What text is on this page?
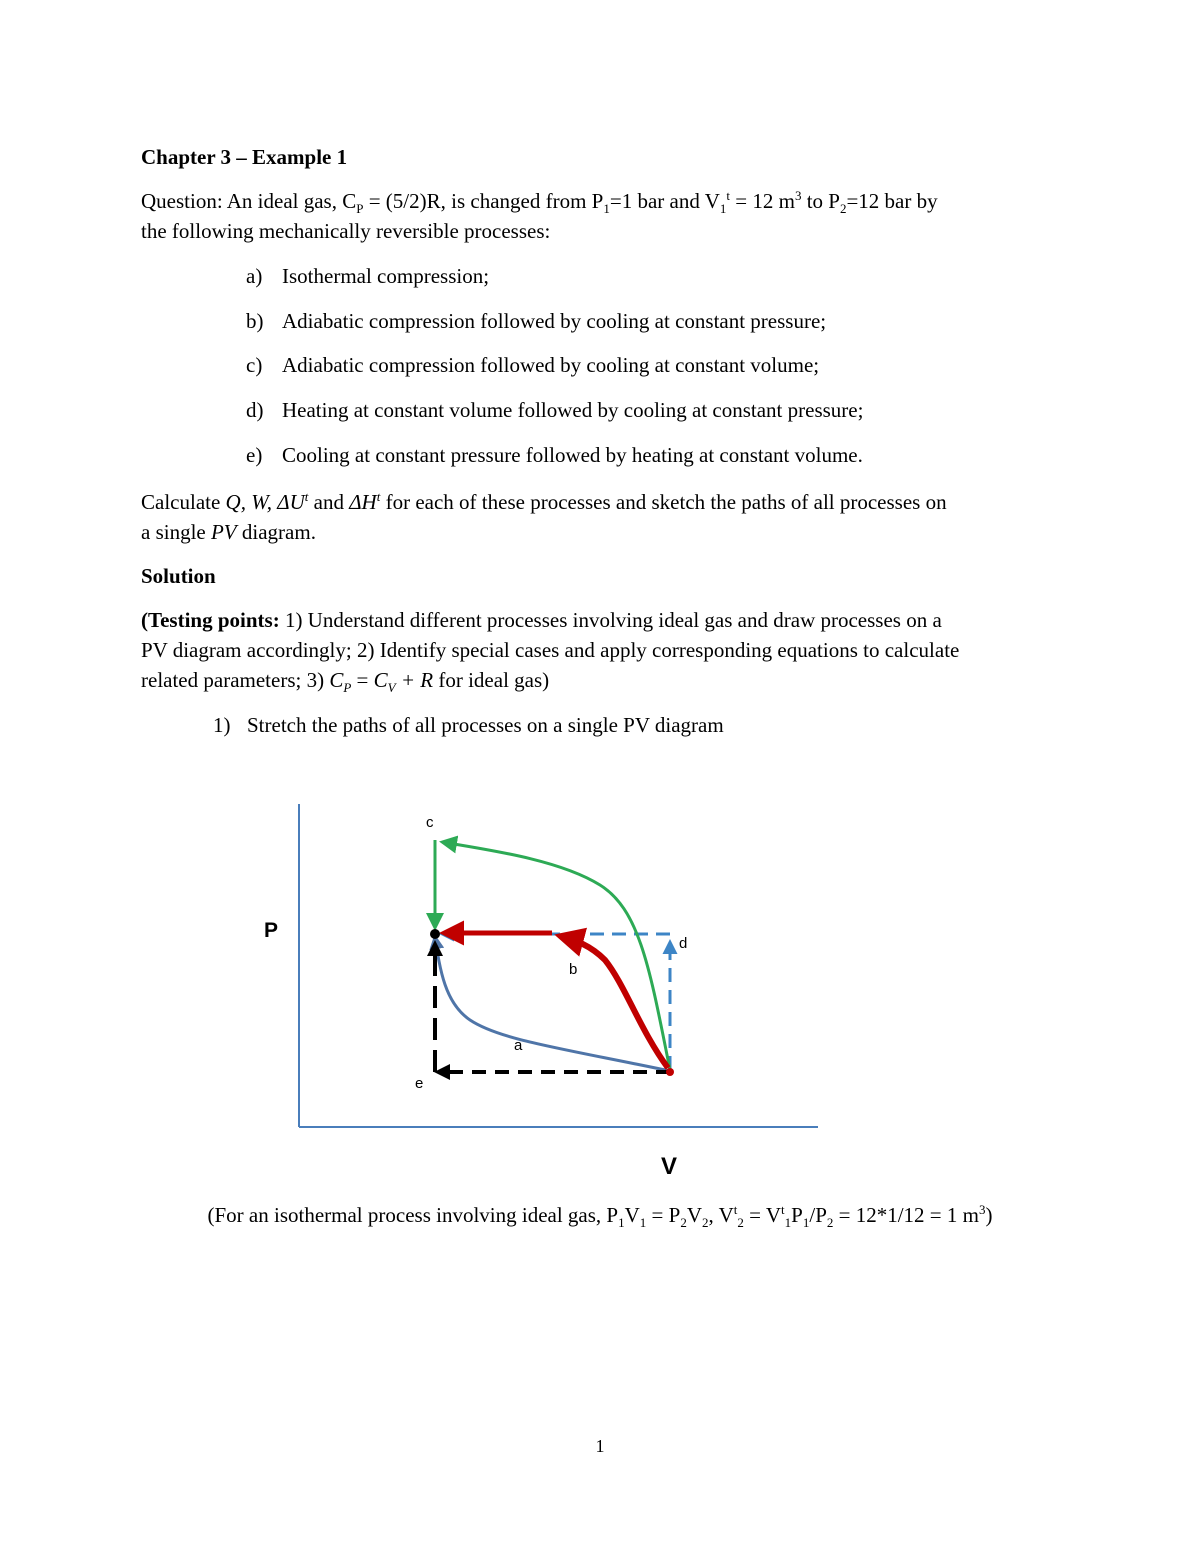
Chapter 3 – Example 1
Question: An ideal gas, $C_P = (5/2)R$, is changed from $P_1=1$ bar and $V_1^t = 12$ $m^3$ to $P_2=12$ bar by
the following mechanically reversible processes:
a) Isothermal compression;
b) Adiabatic compression followed by cooling at constant pressure;
c) Adiabatic compression followed by cooling at constant volume;
d) Heating at constant volume followed by cooling at constant pressure;
e) Cooling at constant pressure followed by heating at constant volume.
Calculate Q, W, $\Delta U^t$ and $\Delta H^t$ for each of these processes and sketch the paths of all processes on
a single PV diagram.
Solution
(Testing points: 1) Understand different processes involving ideal gas and draw processes on a
PV diagram accordingly; 2) Identify special cases and apply corresponding equations to calculate
related parameters; 3) $C_P = C_V + R$ for ideal gas)
1) Stretch the paths of all processes on a single PV diagram
c
d
b
a
e
P
V
(For an isothermal process involving ideal gas, $P_1V_1 = P_2V_2$, $V^t_2 = V^t_1P_1/P_2 = 12*1/12 = 1$ $m^3$)
1
